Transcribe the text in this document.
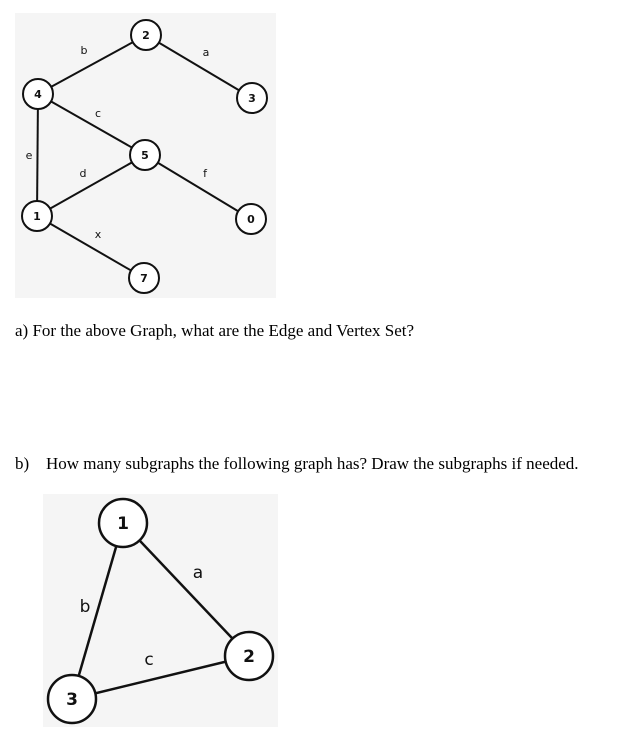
b	a
c
e
d	f
x
2
4	3
5
1	0
7
a) For the above Graph, what are the Edge and Vertex Set?
b) How many subgraphs the following graph has? Draw the subgraphs if needed.
a
b
c
1
2
3
